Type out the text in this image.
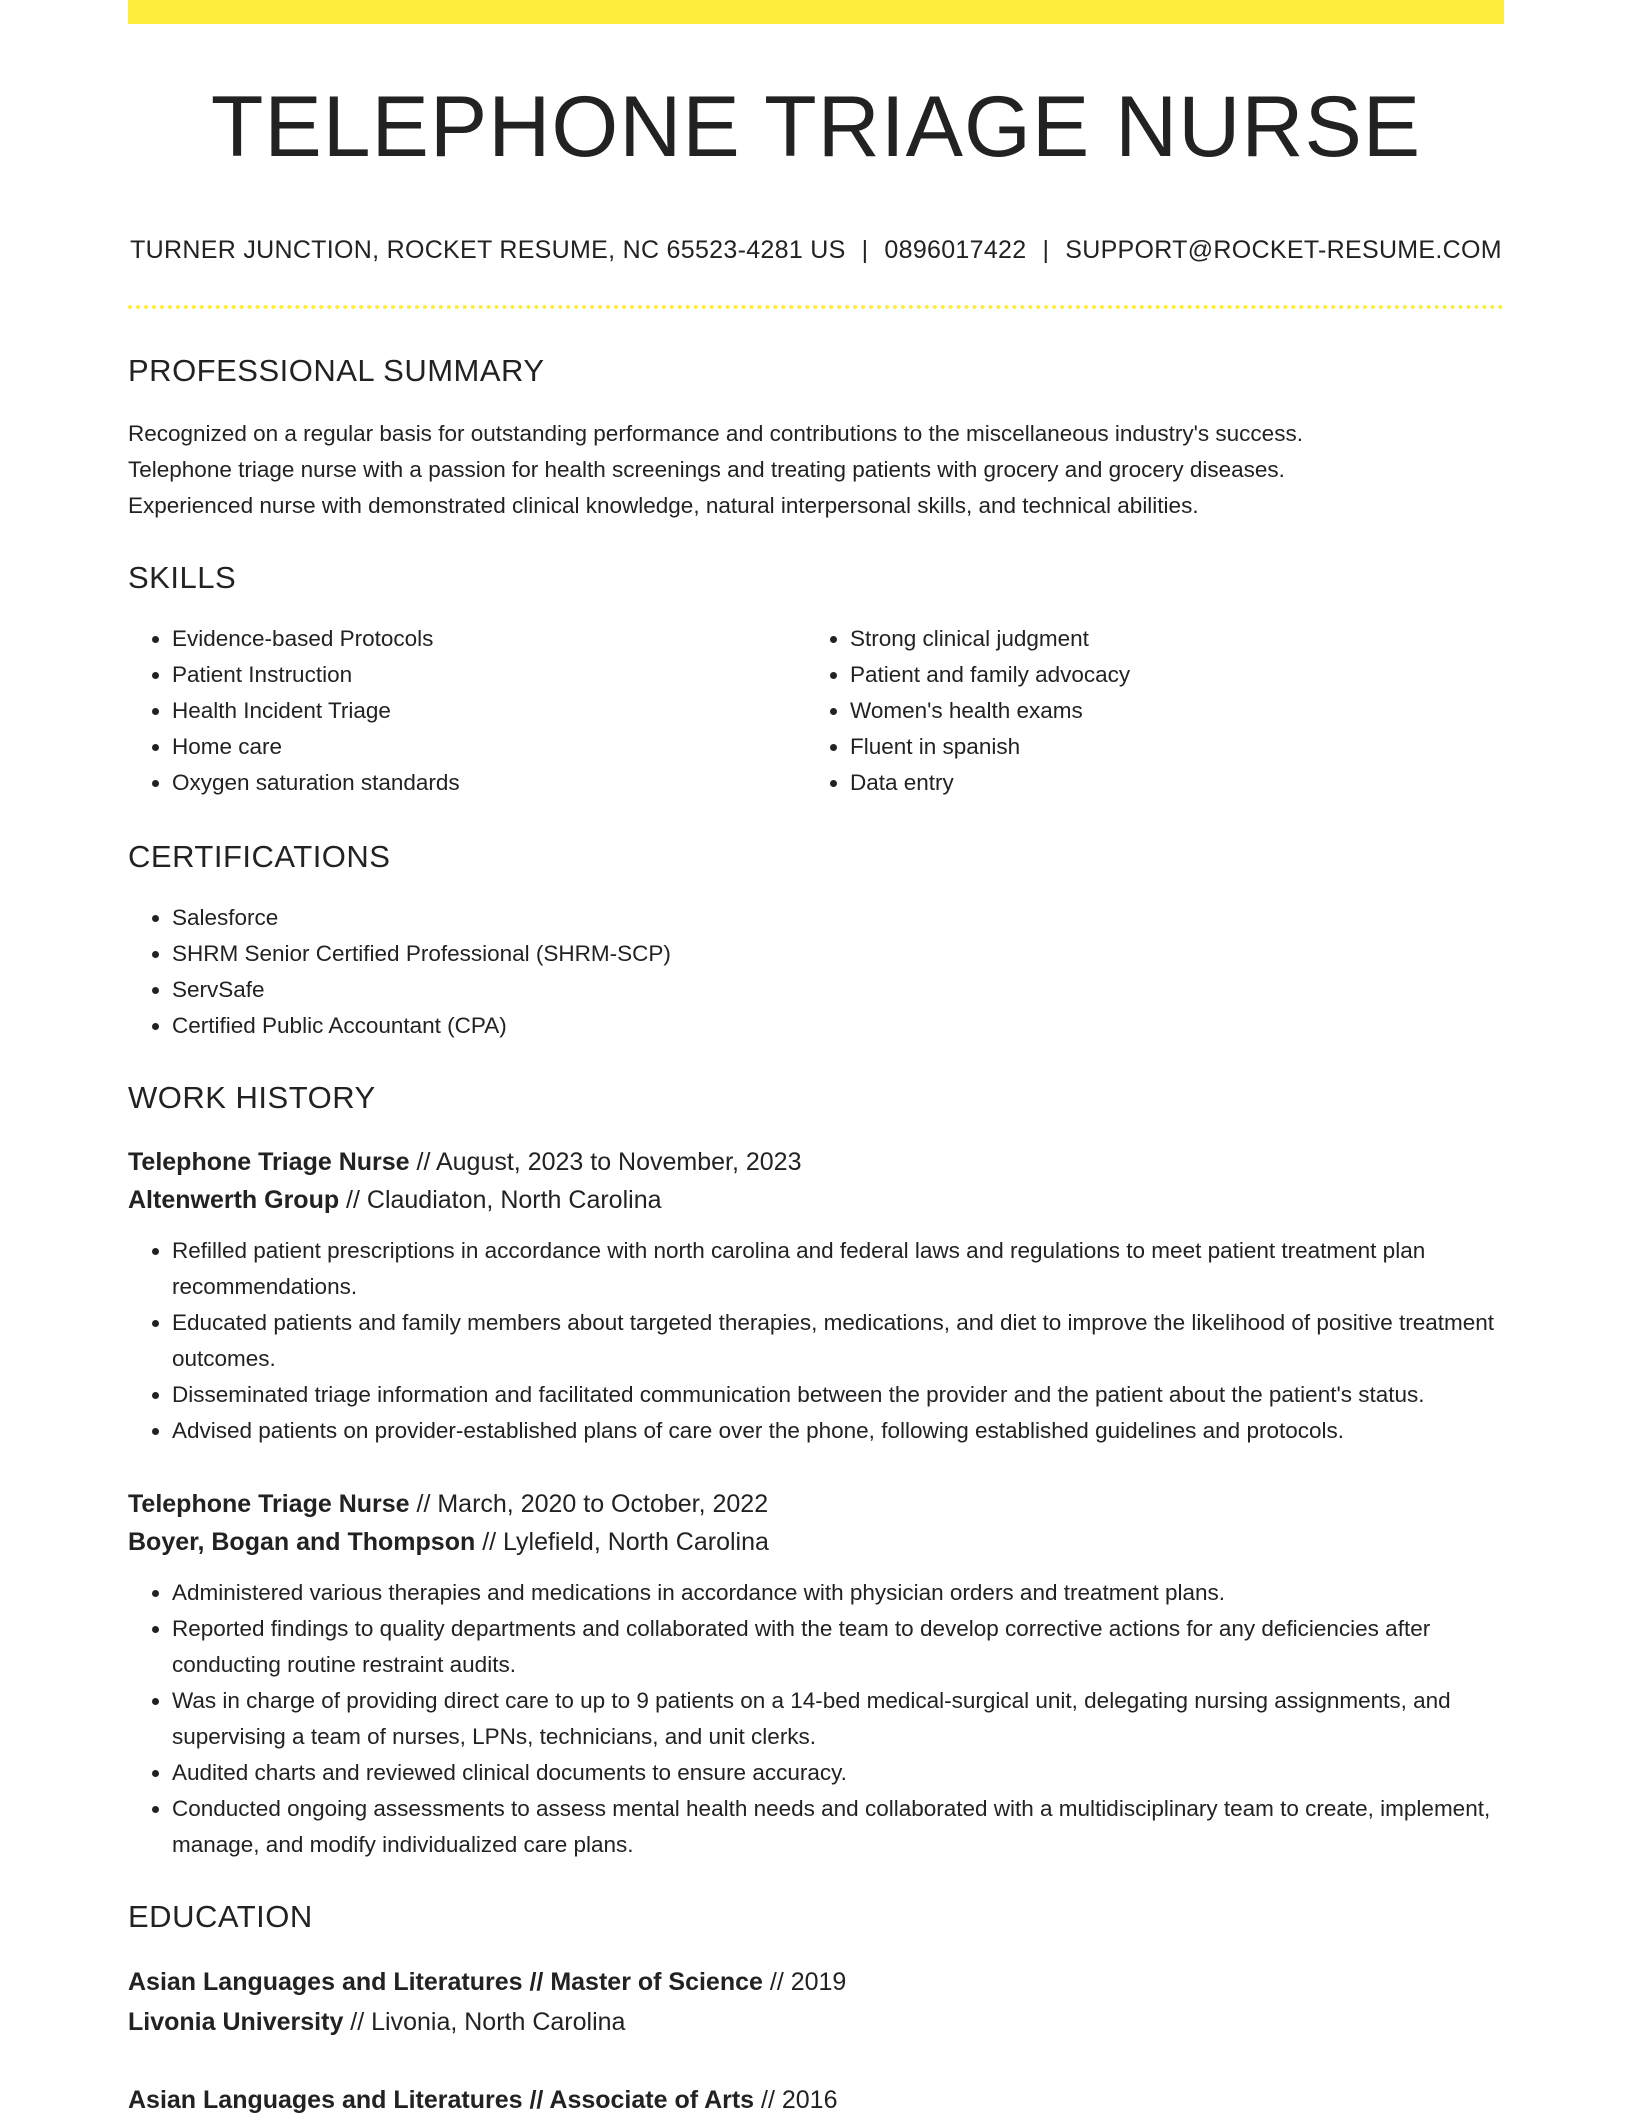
TELEPHONE TRIAGE NURSE
TURNER JUNCTION, ROCKET RESUME, NC 65523-4281 US | 0896017422 | SUPPORT@ROCKET-RESUME.COM
PROFESSIONAL SUMMARY
Recognized on a regular basis for outstanding performance and contributions to the miscellaneous industry's success.
Telephone triage nurse with a passion for health screenings and treating patients with grocery and grocery diseases.
Experienced nurse with demonstrated clinical knowledge, natural interpersonal skills, and technical abilities.
SKILLS
• Evidence-based Protocols
• Patient Instruction
• Health Incident Triage
• Home care
• Oxygen saturation standards
• Strong clinical judgment
• Patient and family advocacy
• Women's health exams
• Fluent in spanish
• Data entry
CERTIFICATIONS
• Salesforce
• SHRM Senior Certified Professional (SHRM-SCP)
• ServSafe
• Certified Public Accountant (CPA)
WORK HISTORY
Telephone Triage Nurse // August, 2023 to November, 2023
Altenwerth Group // Claudiaton, North Carolina
• Refilled patient prescriptions in accordance with north carolina and federal laws and regulations to meet patient treatment plan recommendations.
• Educated patients and family members about targeted therapies, medications, and diet to improve the likelihood of positive treatment outcomes.
• Disseminated triage information and facilitated communication between the provider and the patient about the patient's status.
• Advised patients on provider-established plans of care over the phone, following established guidelines and protocols.
Telephone Triage Nurse // March, 2020 to October, 2022
Boyer, Bogan and Thompson // Lylefield, North Carolina
• Administered various therapies and medications in accordance with physician orders and treatment plans.
• Reported findings to quality departments and collaborated with the team to develop corrective actions for any deficiencies after conducting routine restraint audits.
• Was in charge of providing direct care to up to 9 patients on a 14-bed medical-surgical unit, delegating nursing assignments, and supervising a team of nurses, LPNs, technicians, and unit clerks.
• Audited charts and reviewed clinical documents to ensure accuracy.
• Conducted ongoing assessments to assess mental health needs and collaborated with a multidisciplinary team to create, implement, manage, and modify individualized care plans.
EDUCATION
Asian Languages and Literatures // Master of Science // 2019
Livonia University // Livonia, North Carolina
Asian Languages and Literatures // Associate of Arts // 2016
